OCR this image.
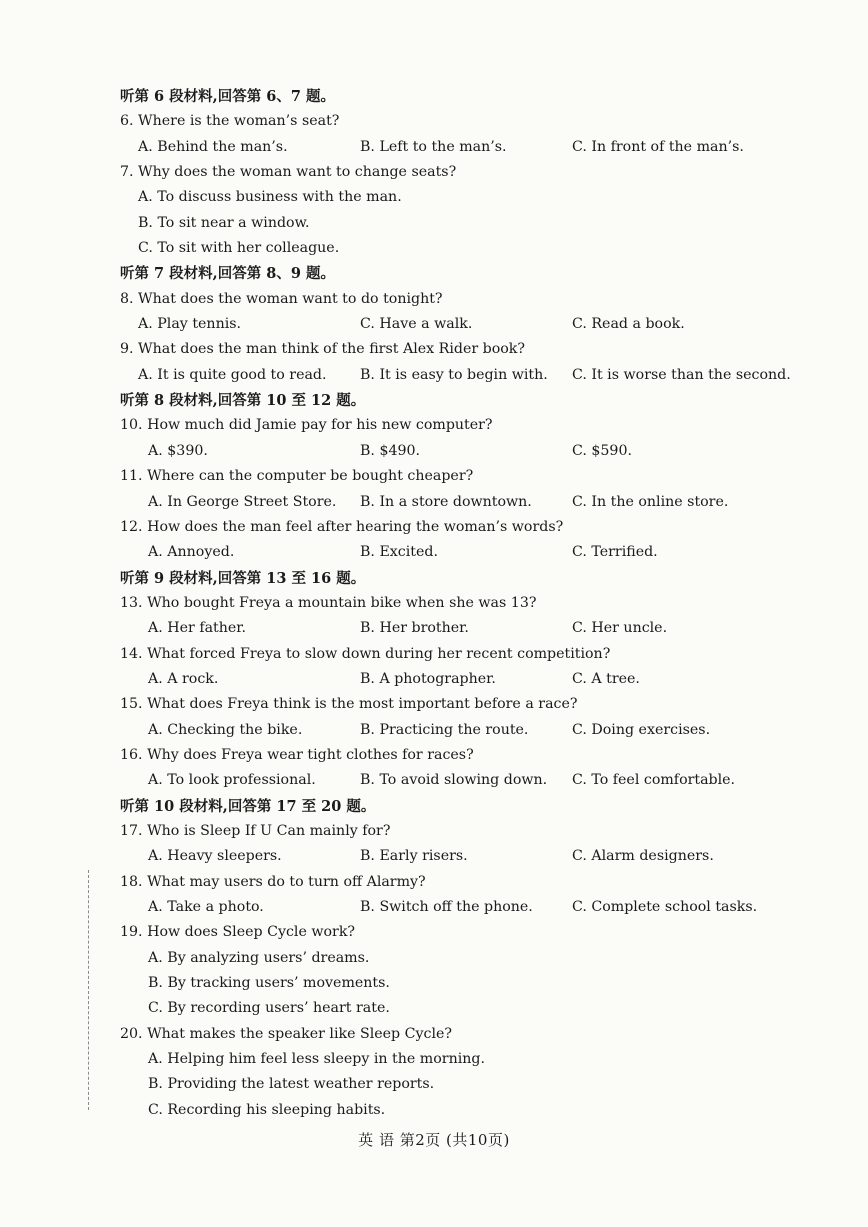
听第 6 段材料,回答第 6、7 题。
6. Where is the woman’s seat?
A. Behind the man’s.	B. Left to the man’s.	C. In front of the man’s.
7. Why does the woman want to change seats?
A. To discuss business with the man.
B. To sit near a window.
C. To sit with her colleague.
听第 7 段材料,回答第 8、9 题。
8. What does the woman want to do tonight?
A. Play tennis.	C. Have a walk.	C. Read a book.
9. What does the man think of the first Alex Rider book?
A. It is quite good to read. B. It is easy to begin with. C. It is worse than the second.
听第 8 段材料,回答第 10 至 12 题。
10. How much did Jamie pay for his new computer?
A. $390.	B. $490.	C. $590.
11. Where can the computer be bought cheaper?
A. In George Street Store. B. In a store downtown.	C. In the online store.
12. How does the man feel after hearing the woman’s words?
A. Annoyed.	B. Excited.	C. Terrified.
听第 9 段材料,回答第 13 至 16 题。
13. Who bought Freya a mountain bike when she was 13?
A. Her father.	B. Her brother.	C. Her uncle.
14. What forced Freya to slow down during her recent competition?
A. A rock.	B. A photographer.	C. A tree.
15. What does Freya think is the most important before a race?
A. Checking the bike.	B. Practicing the route.	C. Doing exercises.
16. Why does Freya wear tight clothes for races?
A. To look professional.	B. To avoid slowing down. C. To feel comfortable.
听第 10 段材料,回答第 17 至 20 题。
17. Who is Sleep If U Can mainly for?
A. Heavy sleepers.	B. Early risers.	C. Alarm designers.
18. What may users do to turn off Alarmy?
A. Take a photo.	B. Switch off the phone.	C. Complete school tasks.
19. How does Sleep Cycle work?
A. By analyzing users’ dreams.
B. By tracking users’ movements.
C. By recording users’ heart rate.
20. What makes the speaker like Sleep Cycle?
A. Helping him feel less sleepy in the morning.
B. Providing the latest weather reports.
C. Recording his sleeping habits.
英 语 第2页 (共10页)
